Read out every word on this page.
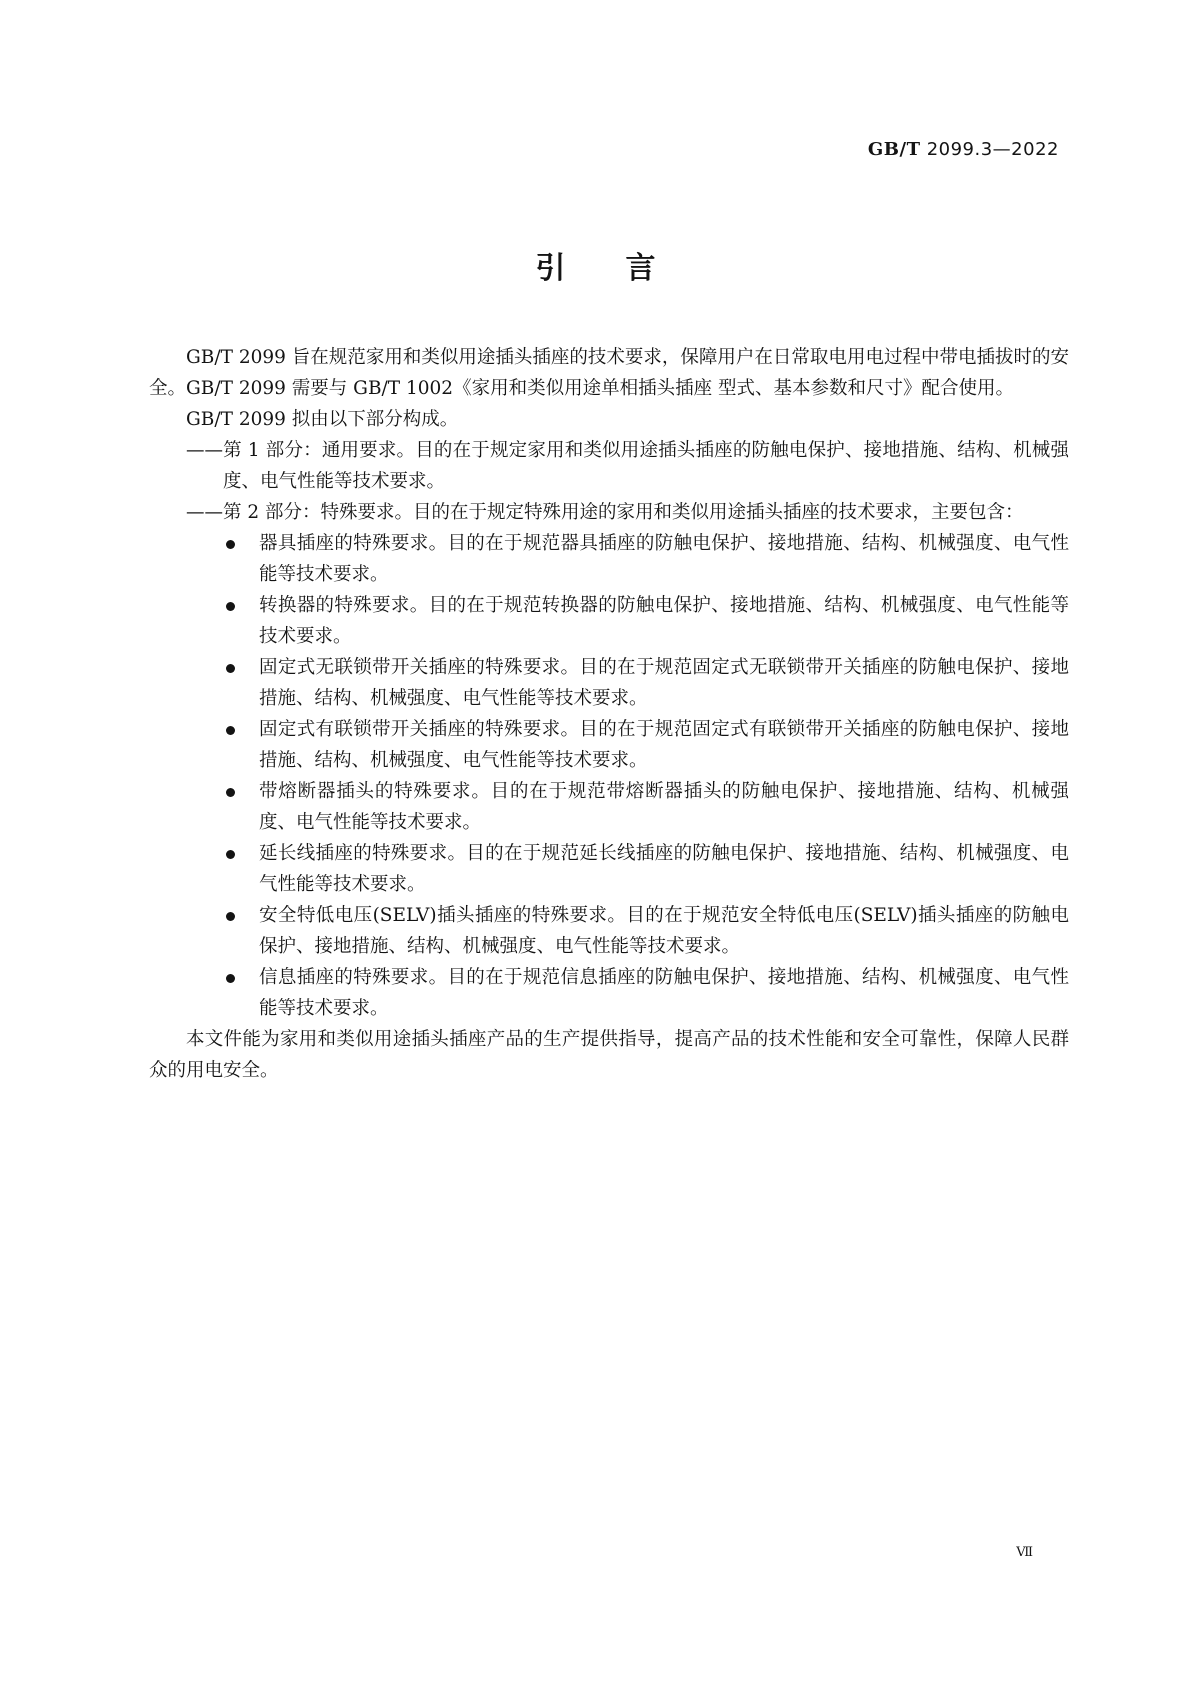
GB/T 2099.3—2022
引言

GB/T 2099 旨在规范家用和类似用途插头插座的技术要求，保障用户在日常取电用电过程中带电插拔时的安全。GB/T 2099 需要与 GB/T 1002《家用和类似用途单相插头插座 型式、基本参数和尺寸》配合使用。

GB/T 2099 拟由以下部分构成。

——第 1 部分：通用要求。目的在于规定家用和类似用途插头插座的防触电保护、接地措施、结构、机械强度、电气性能等技术要求。

——第 2 部分：特殊要求。目的在于规定特殊用途的家用和类似用途插头插座的技术要求，主要包含：

器具插座的特殊要求。目的在于规范器具插座的防触电保护、接地措施、结构、机械强度、电气性能等技术要求。
转换器的特殊要求。目的在于规范转换器的防触电保护、接地措施、结构、机械强度、电气性能等技术要求。
固定式无联锁带开关插座的特殊要求。目的在于规范固定式无联锁带开关插座的防触电保护、接地措施、结构、机械强度、电气性能等技术要求。
固定式有联锁带开关插座的特殊要求。目的在于规范固定式有联锁带开关插座的防触电保护、接地措施、结构、机械强度、电气性能等技术要求。
带熔断器插头的特殊要求。目的在于规范带熔断器插头的防触电保护、接地措施、结构、机械强度、电气性能等技术要求。
延长线插座的特殊要求。目的在于规范延长线插座的防触电保护、接地措施、结构、机械强度、电气性能等技术要求。
安全特低电压(SELV)插头插座的特殊要求。目的在于规范安全特低电压(SELV)插头插座的防触电保护、接地措施、结构、机械强度、电气性能等技术要求。
信息插座的特殊要求。目的在于规范信息插座的防触电保护、接地措施、结构、机械强度、电气性能等技术要求。

本文件能为家用和类似用途插头插座产品的生产提供指导，提高产品的技术性能和安全可靠性，保障人民群众的用电安全。

Ⅶ
